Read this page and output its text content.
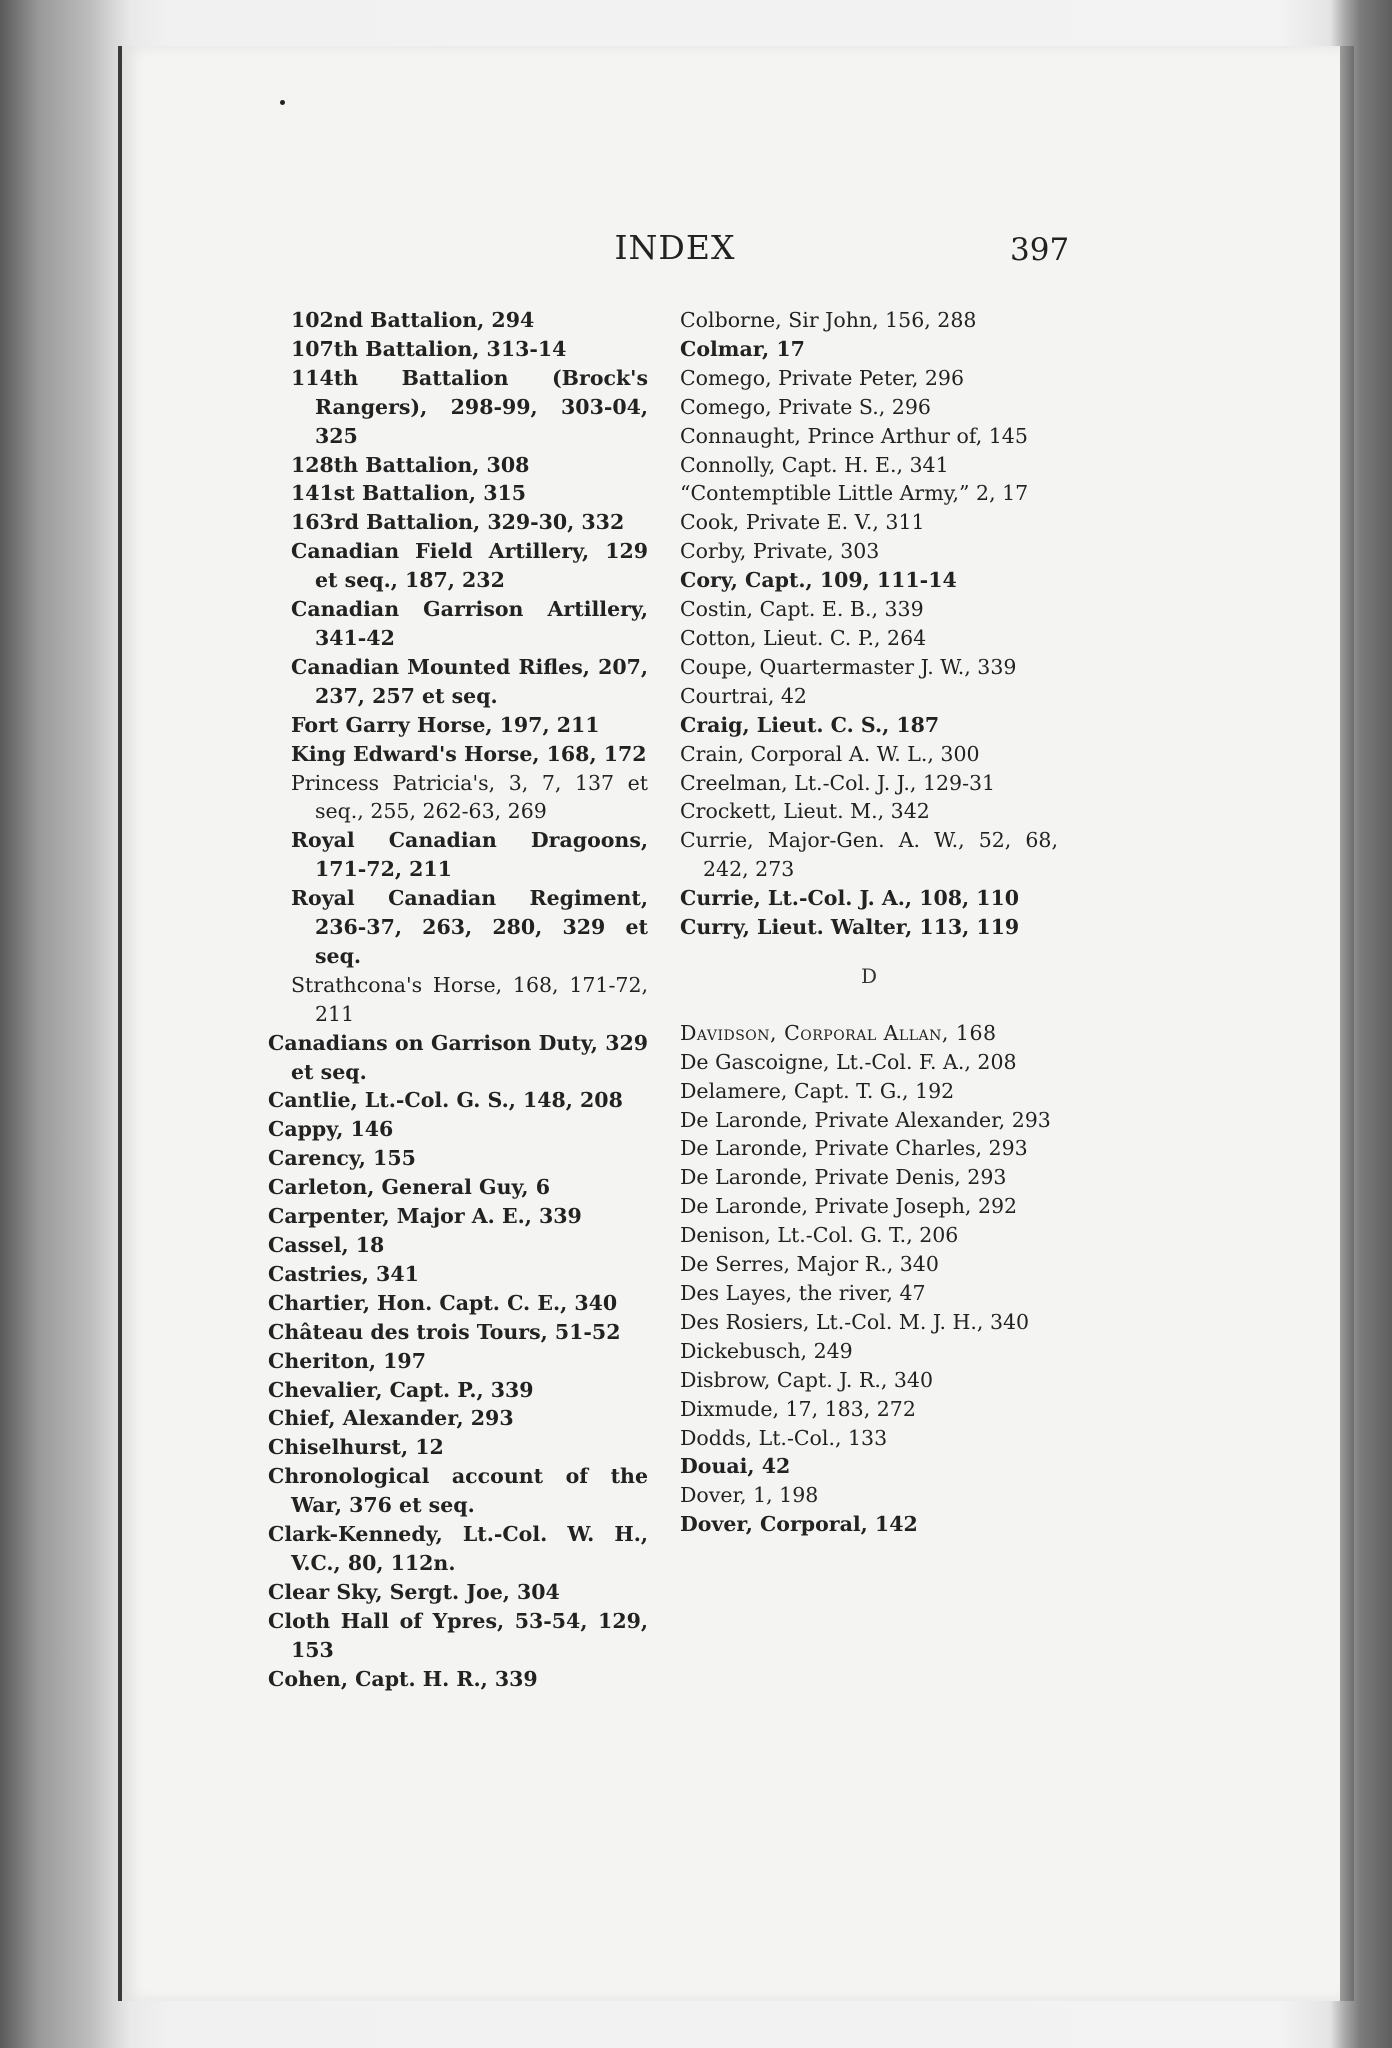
INDEX	397

102nd Battalion, 294

107th Battalion, 313-14

114th Battalion (Brock's Rangers), 298-99, 303-04, 325

128th Battalion, 308

141st Battalion, 315

163rd Battalion, 329-30, 332

Canadian Field Artillery, 129 et seq., 187, 232

Canadian Garrison Artillery, 341-42

Canadian Mounted Rifles, 207, 237, 257 et seq.

Fort Garry Horse, 197, 211

King Edward's Horse, 168, 172

Princess Patricia's, 3, 7, 137 et seq., 255, 262-63, 269

Royal Canadian Dragoons, 171-72, 211

Royal Canadian Regiment, 236-37, 263, 280, 329 et seq.

Strathcona's Horse, 168, 171-72, 211

Canadians on Garrison Duty, 329 et seq.

Cantlie, Lt.-Col. G. S., 148, 208

Cappy, 146

Carency, 155

Carleton, General Guy, 6

Carpenter, Major A. E., 339

Cassel, 18

Castries, 341

Chartier, Hon. Capt. C. E., 340

Château des trois Tours, 51-52

Cheriton, 197

Chevalier, Capt. P., 339

Chief, Alexander, 293

Chiselhurst, 12

Chronological account of the War, 376 et seq.

Clark-Kennedy, Lt.-Col. W. H., V.C., 80, 112n.

Clear Sky, Sergt. Joe, 304

Cloth Hall of Ypres, 53-54, 129, 153

Cohen, Capt. H. R., 339

Colborne, Sir John, 156, 288

Colmar, 17

Comego, Private Peter, 296

Comego, Private S., 296

Connaught, Prince Arthur of, 145

Connolly, Capt. H. E., 341

“Contemptible Little Army,” 2, 17

Cook, Private E. V., 311

Corby, Private, 303

Cory, Capt., 109, 111-14

Costin, Capt. E. B., 339

Cotton, Lieut. C. P., 264

Coupe, Quartermaster J. W., 339

Courtrai, 42

Craig, Lieut. C. S., 187

Crain, Corporal A. W. L., 300

Creelman, Lt.-Col. J. J., 129-31

Crockett, Lieut. M., 342

Currie, Major-Gen. A. W., 52, 68, 242, 273

Currie, Lt.-Col. J. A., 108, 110

Curry, Lieut. Walter, 113, 119

D

Davidson, Corporal Allan, 168

De Gascoigne, Lt.-Col. F. A., 208

Delamere, Capt. T. G., 192

De Laronde, Private Alexander, 293

De Laronde, Private Charles, 293

De Laronde, Private Denis, 293

De Laronde, Private Joseph, 292

Denison, Lt.-Col. G. T., 206

De Serres, Major R., 340

Des Layes, the river, 47

Des Rosiers, Lt.-Col. M. J. H., 340

Dickebusch, 249

Disbrow, Capt. J. R., 340

Dixmude, 17, 183, 272

Dodds, Lt.-Col., 133

Douai, 42

Dover, 1, 198

Dover, Corporal, 142
